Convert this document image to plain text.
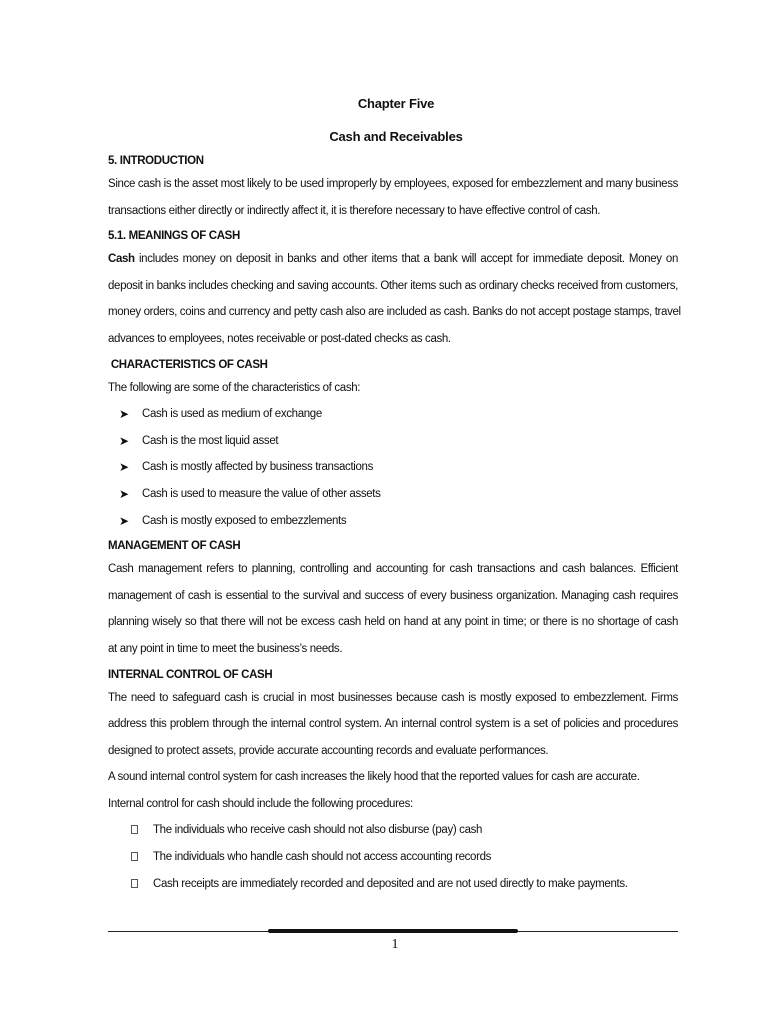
Chapter Five
Cash and Receivables
5. INTRODUCTION
Since cash is the asset most likely to be used improperly by employees, exposed for embezzlement and many business
transactions either directly or indirectly affect it, it is therefore necessary to have effective control of cash.
5.1. MEANINGS OF CASH
Cash includes money on deposit in banks and other items that a bank will accept for immediate deposit. Money on
deposit in banks includes checking and saving accounts. Other items such as ordinary checks received from customers,
money orders, coins and currency and petty cash also are included as cash. Banks do not accept postage stamps, travel
advances to employees, notes receivable or post-dated checks as cash.
CHARACTERISTICS OF CASH
The following are some of the characteristics of cash:
➤ Cash is used as medium of exchange
➤ Cash is the most liquid asset
➤ Cash is mostly affected by business transactions
➤ Cash is used to measure the value of other assets
➤ Cash is mostly exposed to embezzlements
MANAGEMENT OF CASH
Cash management refers to planning, controlling and accounting for cash transactions and cash balances. Efficient
management of cash is essential to the survival and success of every business organization. Managing cash requires
planning wisely so that there will not be excess cash held on hand at any point in time; or there is no shortage of cash
at any point in time to meet the business’s needs.
INTERNAL CONTROL OF CASH
The need to safeguard cash is crucial in most businesses because cash is mostly exposed to embezzlement. Firms
address this problem through the internal control system. An internal control system is a set of policies and procedures
designed to protect assets, provide accurate accounting records and evaluate performances.
A sound internal control system for cash increases the likely hood that the reported values for cash are accurate.
Internal control for cash should include the following procedures:
The individuals who receive cash should not also disburse (pay) cash
The individuals who handle cash should not access accounting records
Cash receipts are immediately recorded and deposited and are not used directly to make payments.
1
